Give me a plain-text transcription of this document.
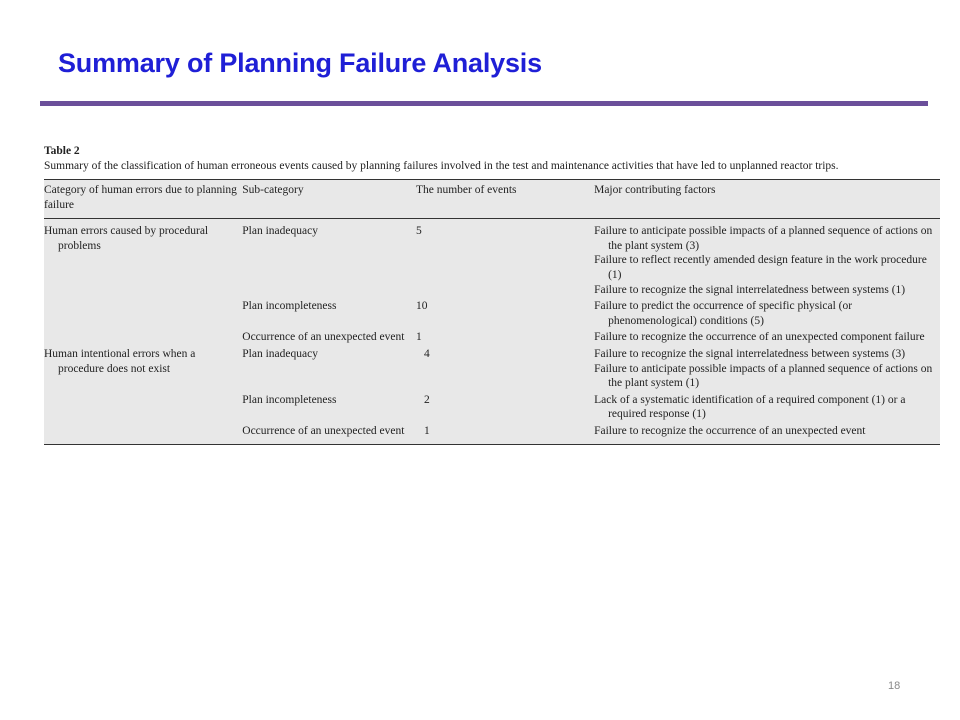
Summary of Planning Failure Analysis
Table 2
Summary of the classification of human erroneous events caused by planning failures involved in the test and maintenance activities that have led to unplanned reactor trips.
Category of human errors due to planning failure	Sub-category	The number of events	Major contributing factors

Human errors caused by procedural problems	Plan inadequacy	5	Failure to anticipate possible impacts of a planned sequence of actions on the plant system (3)
Failure to reflect recently amended design feature in the work procedure (1)
Failure to recognize the signal interrelatedness between systems (1)

	Plan incompleteness	10	Failure to predict the occurrence of specific physical (or phenomenological) conditions (5)

	Occurrence of an unexpected event	1	Failure to recognize the occurrence of an unexpected component failure

Human intentional errors when a procedure does not exist	Plan inadequacy	4	Failure to recognize the signal interrelatedness between systems (3)
Failure to anticipate possible impacts of a planned sequence of actions on the plant system (1)

	Plan incompleteness	2	Lack of a systematic identification of a required component (1) or a required response (1)

	Occurrence of an unexpected event	1	Failure to recognize the occurrence of an unexpected event
18
